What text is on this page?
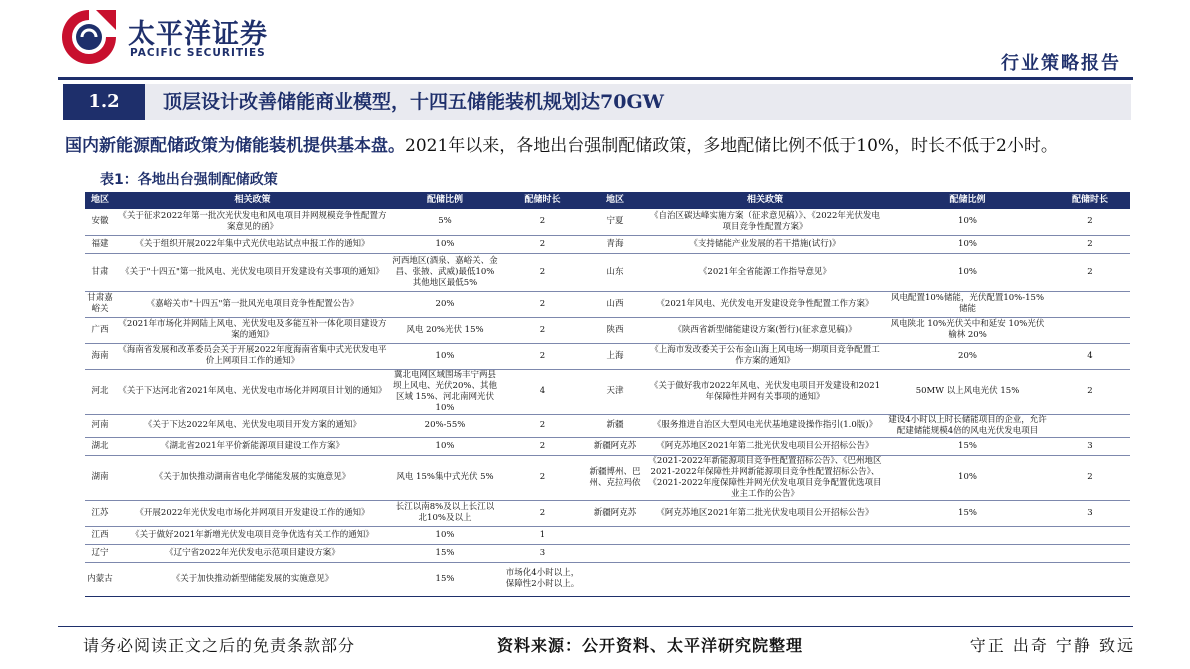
太平洋证券
PACIFIC SECURITIES	行业策略报告
1.2	顶层设计改善储能商业模型，十四五储能装机规划达70GW
国内新能源配储政策为储能装机提供基本盘。2021年以来，各地出台强制配储政策，多地配储比例不低于10%，时长不低于2小时。
表1：各地出台强制配储政策
地区	相关政策	配储比例	配储时长	地区	相关政策	配储比例	配储时长
安徽	《关于征求2022年第一批次光伏发电和风电项目并网规模竞争性配置方案意见的函》	5%	2	宁夏	《自治区碳达峰实施方案（征求意见稿）》、《2022年光伏发电项目竞争性配置方案》	10%	2
福建	《关于组织开展2022年集中式光伏电站试点申报工作的通知》	10%	2	青海	《支持储能产业发展的若干措施(试行)》	10%	2
甘肃	《关于"十四五"第一批风电、光伏发电项目开发建设有关事项的通知》	河西地区(酒泉、嘉峪关、金昌、张掖、武威)最低10%其他地区最低5%	2	山东	《2021年全省能源工作指导意见》	10%	2
甘肃嘉峪关	《嘉峪关市"十四五"第一批风光电项目竞争性配置公告》	20%	2	山西	《2021年风电、光伏发电开发建设竞争性配置工作方案》	风电配置10%储能，光伏配置10%-15%储能	
广西	《2021年市场化并网陆上风电、光伏发电及多能互补一体化项目建设方案的通知》	风电 20%光伏 15%	2	陕西	《陕西省新型储能建设方案(暂行)(征求意见稿)》	风电陕北 10%光伏关中和延安 10%光伏榆林 20%	
海南	《海南省发展和改革委员会关于开展2022年度海南省集中式光伏发电平价上网项目工作的通知》	10%	2	上海	《上海市发改委关于公布金山海上风电场一期项目竞争配置工作方案的通知》	20%	4
河北	《关于下达河北省2021年风电、光伏发电市场化并网项目计划的通知》	冀北电网区域围场丰宁两县坝上风电、光伏20%、其他区域 15%、河北南网光伏 10%	4	天津	《关于做好我市2022年风电、光伏发电项目开发建设和2021年保障性并网有关事项的通知》	50MW 以上风电光伏 15%	2
河南	《关于下达2022年风电、光伏发电项目开发方案的通知》	20%-55%	2	新疆	《服务推进自治区大型风电光伏基地建设操作指引(1.0版)》	建设4小时以上时长储能项目的企业，允许配建储能规模4倍的风电光伏发电项目	
湖北	《湖北省2021年平价新能源项目建设工作方案》	10%	2	新疆阿克苏	《阿克苏地区2021年第二批光伏发电项目公开招标公告》	15%	3
湖南	《关于加快推动湖南省电化学储能发展的实施意见》	风电 15%集中式光伏 5%	2	新疆博州、巴州、克拉玛依	《2021-2022年新能源项目竞争性配置招标公告》、《巴州地区2021-2022年保障性并网新能源项目竞争性配置招标公告》、《2021-2022年度保障性并网光伏发电项目竞争配置优选项目业主工作的公告》	10%	2
江苏	《开展2022年光伏发电市场化并网项目开发建设工作的通知》	长江以南8%及以上长江以北10%及以上	2	新疆阿克苏	《阿克苏地区2021年第二批光伏发电项目公开招标公告》	15%	3
江西	《关于做好2021年新增光伏发电项目竞争优选有关工作的通知》	10%	1				
辽宁	《辽宁省2022年光伏发电示范项目建设方案》	15%	3				
内蒙古	《关于加快推动新型储能发展的实施意见》	15%	市场化4小时以上，保障性2小时以上。				
请务必阅读正文之后的免责条款部分	资料来源：公开资料、太平洋研究院整理	守正 出奇 宁静 致远
